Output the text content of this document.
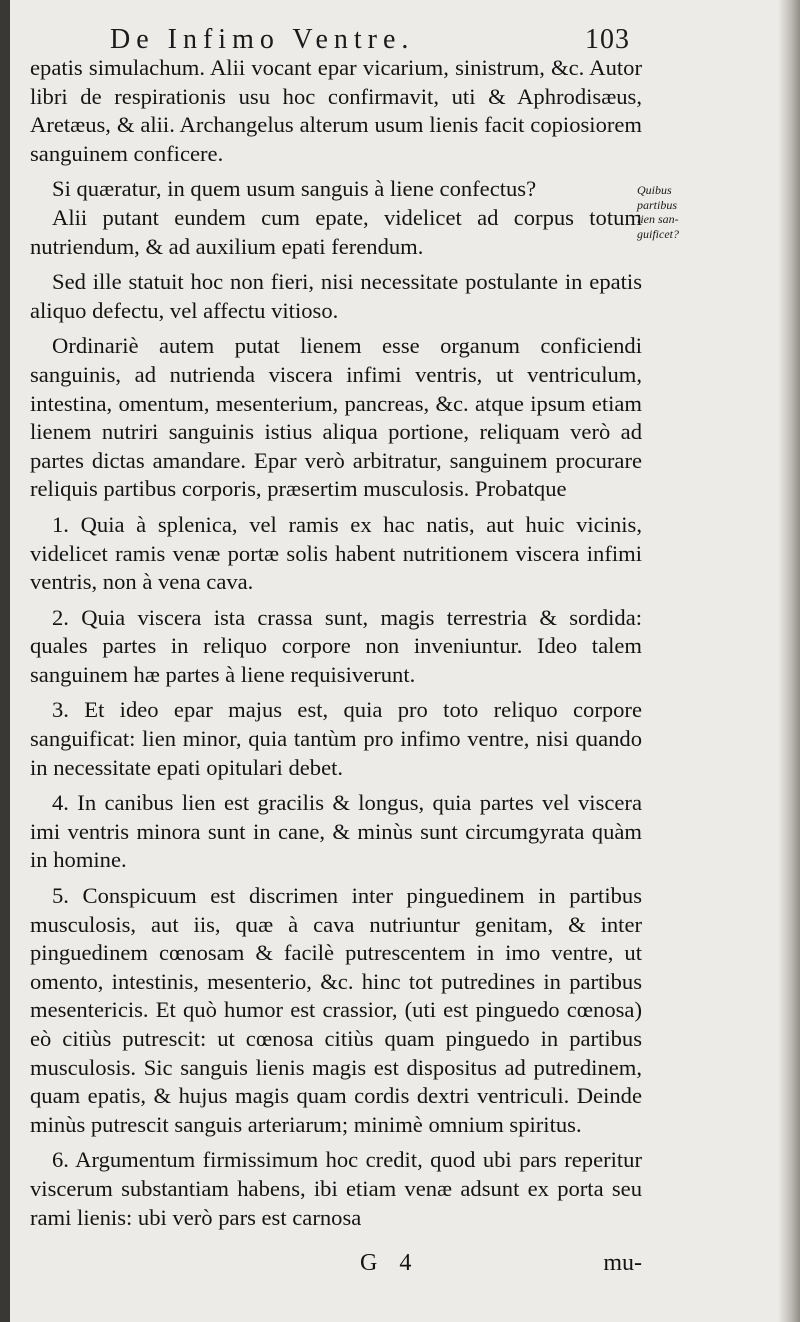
De Infimo Ventre.	103

epatis simulachum. Alii vocant epar vicarium, sinistrum, &c. Autor libri de respirationis usu hoc confirmavit, uti & Aphrodisæus, Aretæus, & alii. Archangelus alterum usum lienis facit copiosiorem sanguinem conficere.

Si quæratur, in quem usum sanguis à liene confectus?

Alii putant eundem cum epate, videlicet ad corpus totum nutriendum, & ad auxilium epati ferendum.

Sed ille statuit hoc non fieri, nisi necessitate postulante in epatis aliquo defectu, vel affectu vitioso.

Ordinariè autem putat lienem esse organum conficiendi sanguinis, ad nutrienda viscera infimi ventris, ut ventriculum, intestina, omentum, mesenterium, pancreas, &c. atque ipsum etiam lienem nutriri sanguinis istius aliqua portione, reliquam verò ad partes dictas amandare. Epar verò arbitratur, sanguinem procurare reliquis partibus corporis, præsertim musculosis. Probatque

1. Quia à splenica, vel ramis ex hac natis, aut huic vicinis, videlicet ramis venæ portæ solis habent nutritionem viscera infimi ventris, non à vena cava.

2. Quia viscera ista crassa sunt, magis terrestria & sordida: quales partes in reliquo corpore non inveniuntur. Ideo talem sanguinem hæ partes à liene requisiverunt.

3. Et ideo epar majus est, quia pro toto reliquo corpore sanguificat: lien minor, quia tantùm pro infimo ventre, nisi quando in necessitate epati opitulari debet.

4. In canibus lien est gracilis & longus, quia partes vel viscera imi ventris minora sunt in cane, & minùs sunt circumgyrata quàm in homine.

5. Conspicuum est discrimen inter pinguedinem in partibus musculosis, aut iis, quæ à cava nutriuntur genitam, & inter pinguedinem cœnosam & facilè putrescentem in imo ventre, ut omento, intestinis, mesenterio, &c. hinc tot putredines in partibus mesentericis. Et quò humor est crassior, (uti est pinguedo cœnosa) eò citiùs putrescit: ut cœnosa citiùs quam pinguedo in partibus musculosis. Sic sanguis lienis magis est dispositus ad putredinem, quam epatis, & hujus magis quam cordis dextri ventriculi. Deinde minùs putrescit sanguis arteriarum; minimè omnium spiritus.

6. Argumentum firmissimum hoc credit, quod ubi pars reperitur viscerum substantiam habens, ibi etiam venæ adsunt ex porta seu rami lienis: ubi verò pars est carnosa

Quibus
partibus
lien san-
guificet?
G 4	mu-
